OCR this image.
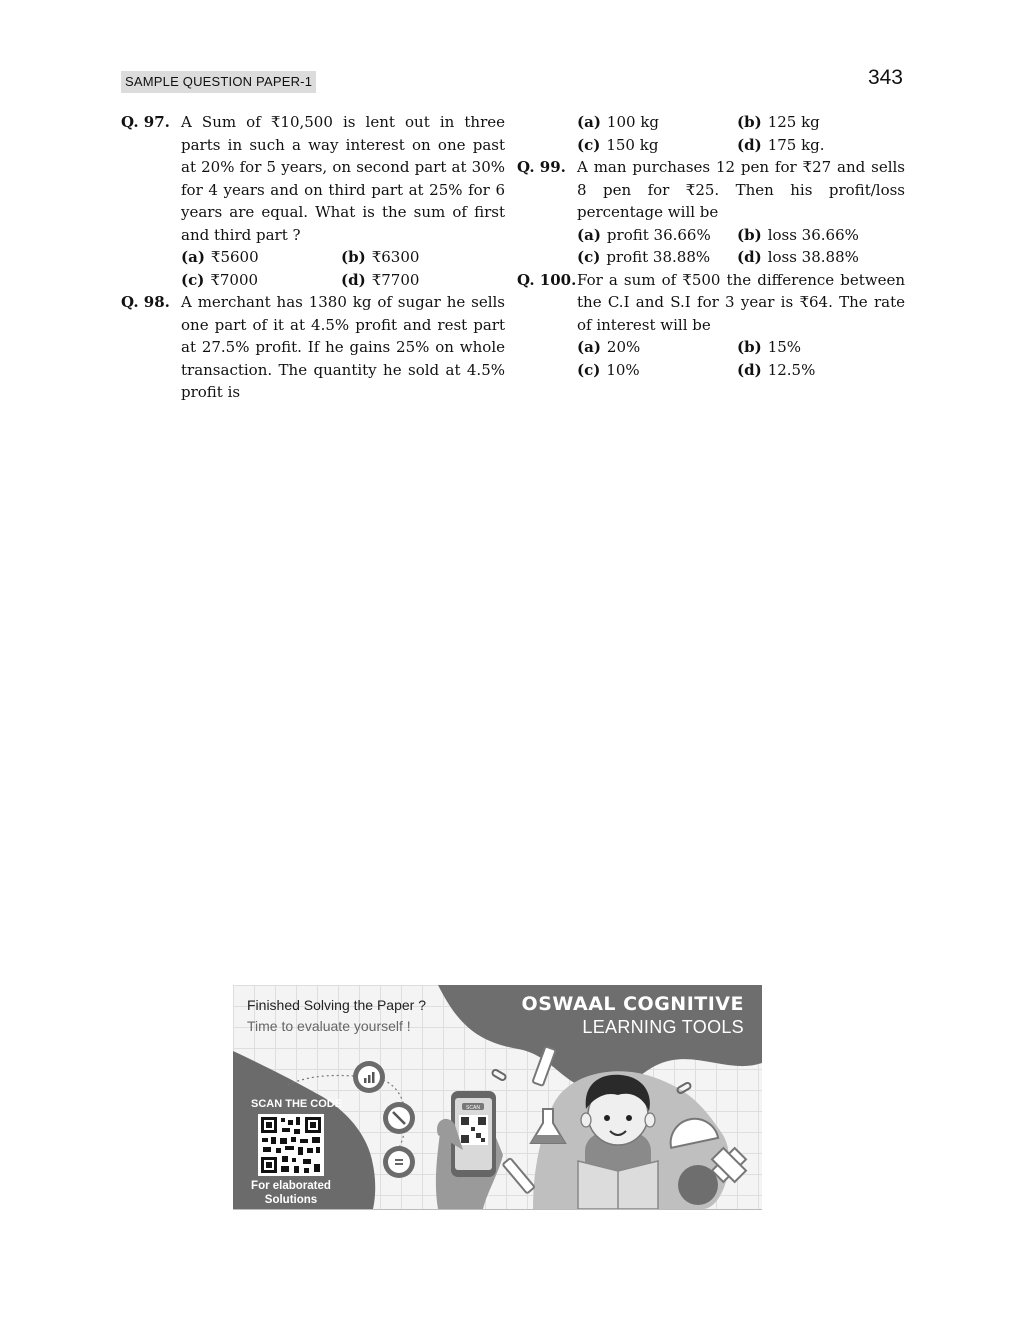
SAMPLE QUESTION PAPER-1	343
Q. 97. A Sum of ₹10,500 is lent out in three parts in such a way interest on one past at 20% for 5 years, on second part at 30% for 4 years and on third part at 25% for 6 years are equal. What is the sum of first and third part ?
(a) ₹5600	(b) ₹6300
(c) ₹7000	(d) ₹7700
Q. 98. A merchant has 1380 kg of sugar he sells one part of it at 4.5% profit and rest part at 27.5% profit. If he gains 25% on whole transaction. The quantity he sold at 4.5% profit is
(a) 100 kg	(b) 125 kg
(c) 150 kg	(d) 175 kg.
Q. 99. A man purchases 12 pen for ₹27 and sells 8 pen for ₹25. Then his profit/loss percentage will be
(a) profit 36.66%	(b) loss 36.66%
(c) profit 38.88%	(d) loss 38.88%
Q. 100. For a sum of ₹500 the difference between the C.I and S.I for 3 year is ₹64. The rate of interest will be
(a) 20%	(b) 15%
(c) 10%	(d) 12.5%
SCAN
Finished Solving the Paper ?
Time to evaluate yourself !
OSWAAL COGNITIVE
LEARNING TOOLS
SCAN THE CODE
For elaborated Solutions
